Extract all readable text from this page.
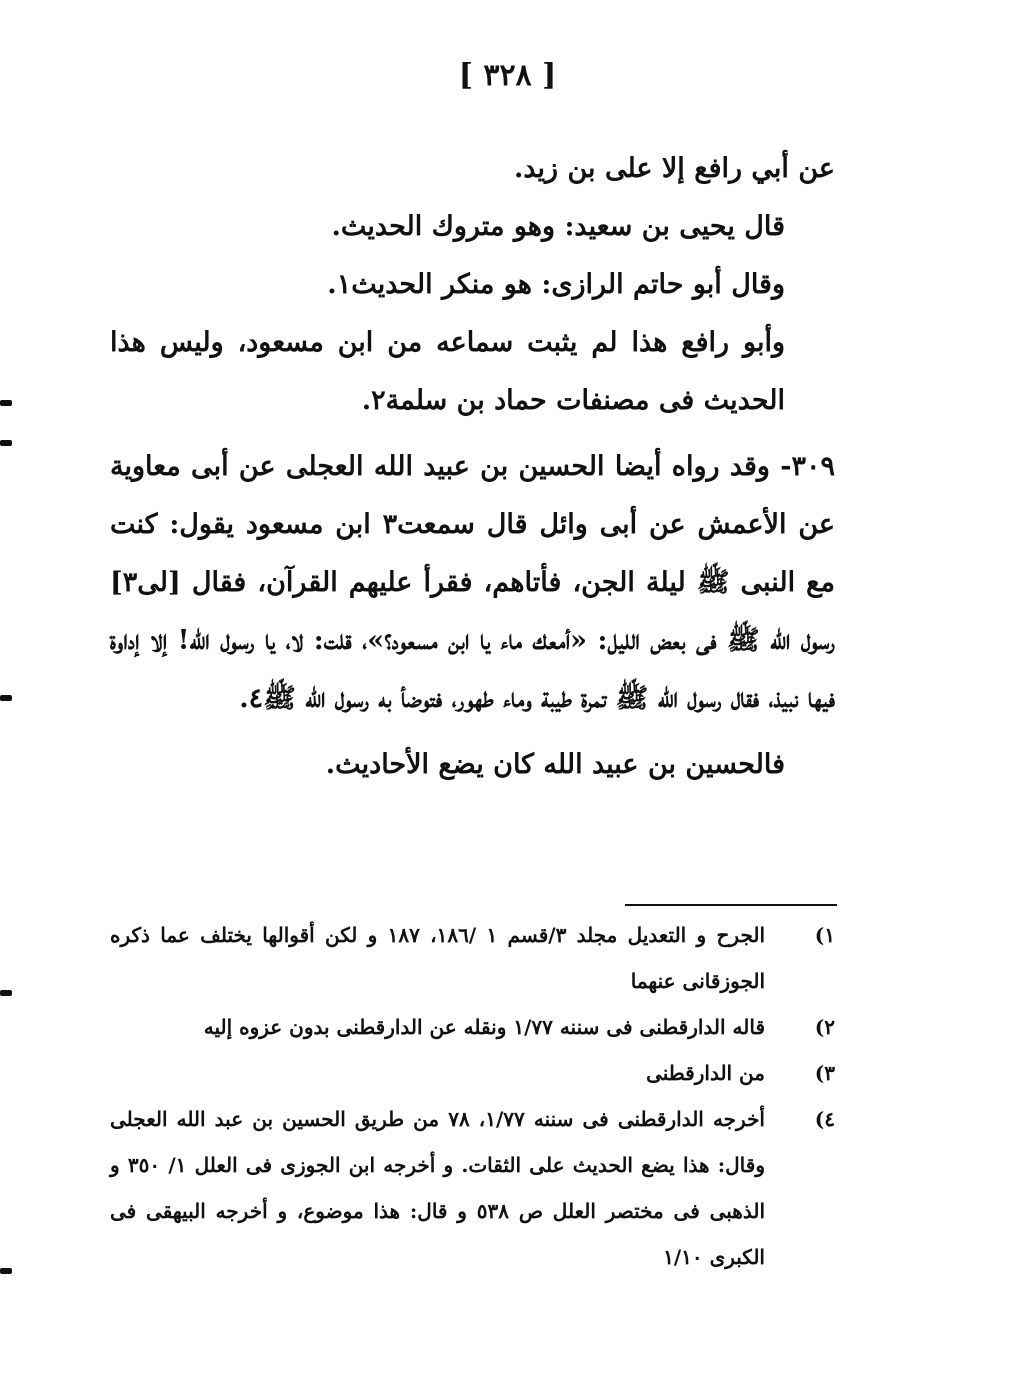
[ ٣٢٨ ]

عن أبي رافع إلا على بن زيد.

قال يحيى بن سعيد: وهو متروك الحديث.

وقال أبو حاتم الرازى: هو منكر الحديث١.

وأبو رافع هذا لم يثبت سماعه من ابن مسعود، وليس هذا الحديث فى مصنفات حماد بن سلمة٢.

٣٠٩- وقد رواه أيضا الحسين بن عبيد الله العجلى عن أبى معاوية عن الأعمش عن أبى وائل قال سمعت٣ ابن مسعود يقول: كنت مع النبى ﷺ ليلة الجن، فأتاهم، فقرأ عليهم القرآن، فقال [لى٣] رسول الله ﷺ فى بعض الليل: «أمعك ماء يا ابن مسعود؟»، قلت: لا، يا رسول الله! إلا إداوة فيها نبيذ، فقال رسول الله ﷺ تمرة طيبة وماء طهور، فتوضأ به رسول الله ﷺ٤.

فالحسين بن عبيد الله كان يضع الأحاديث.

١)
الجرح و التعديل مجلد ٣/قسم ١ /١٨٦، ١٨٧ و لكن أقوالها يختلف عما ذكره الجوزقانى عنهما
٢)
قاله الدارقطنى فى سننه ١/٧٧ ونقله عن الدارقطنى بدون عزوه إليه
٣)
من الدارقطنى
٤)
أخرجه الدارقطنى فى سننه ١/٧٧، ٧٨ من طريق الحسين بن عبد الله العجلى وقال: هذا يضع الحديث على الثقات. و أخرجه ابن الجوزى فى العلل ١/ ٣٥٠ و الذهبى فى مختصر العلل ص ٥٣٨ و قال: هذا موضوع، و أخرجه البيهقى فى الكبرى ١/١٠
